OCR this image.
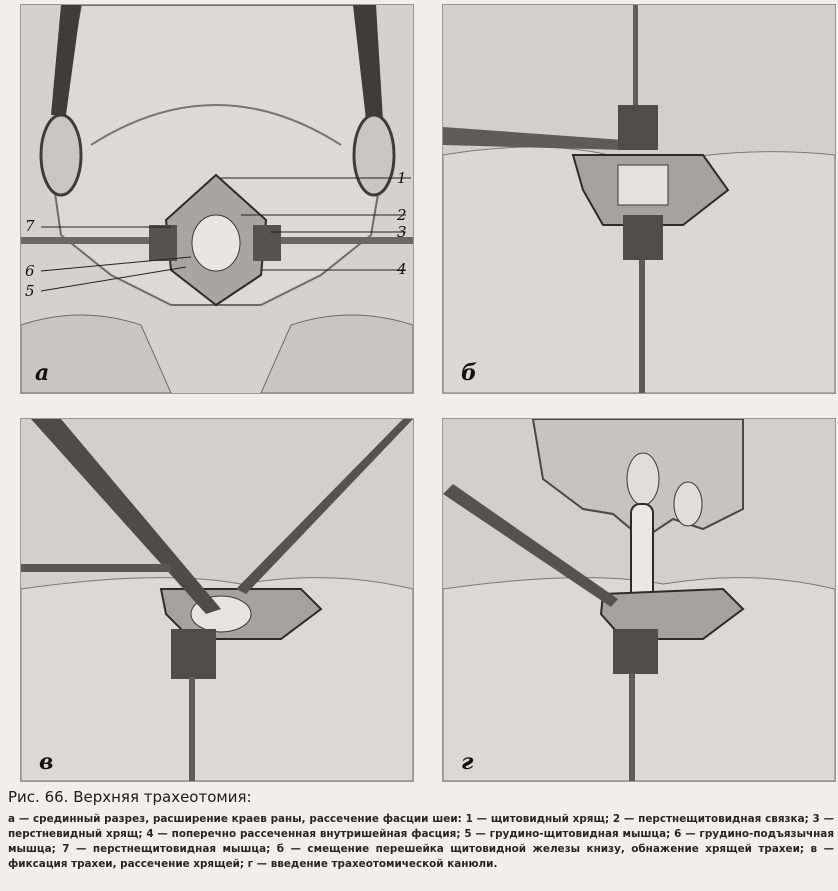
1
2
3
4
5
6
7
а	б
в	г
Рис. 66. Верхняя трахеотомия:
а — срединный разрез, расширение краев раны, рассечение фасции шеи: 1 — щитовидный хрящ; 2 — перстнещитовидная связка; 3 — перстневидный хрящ; 4 — поперечно рассеченная внутришейная фасция; 5 — грудино-щитовидная мышца; 6 — грудино-подъязычная мышца; 7 — перстнещитовидная мышца; б — смещение перешейка щитовидной железы книзу, обнажение хрящей трахеи; в — фиксация трахеи, рассечение хрящей; г — введение трахеотомической канюли.
